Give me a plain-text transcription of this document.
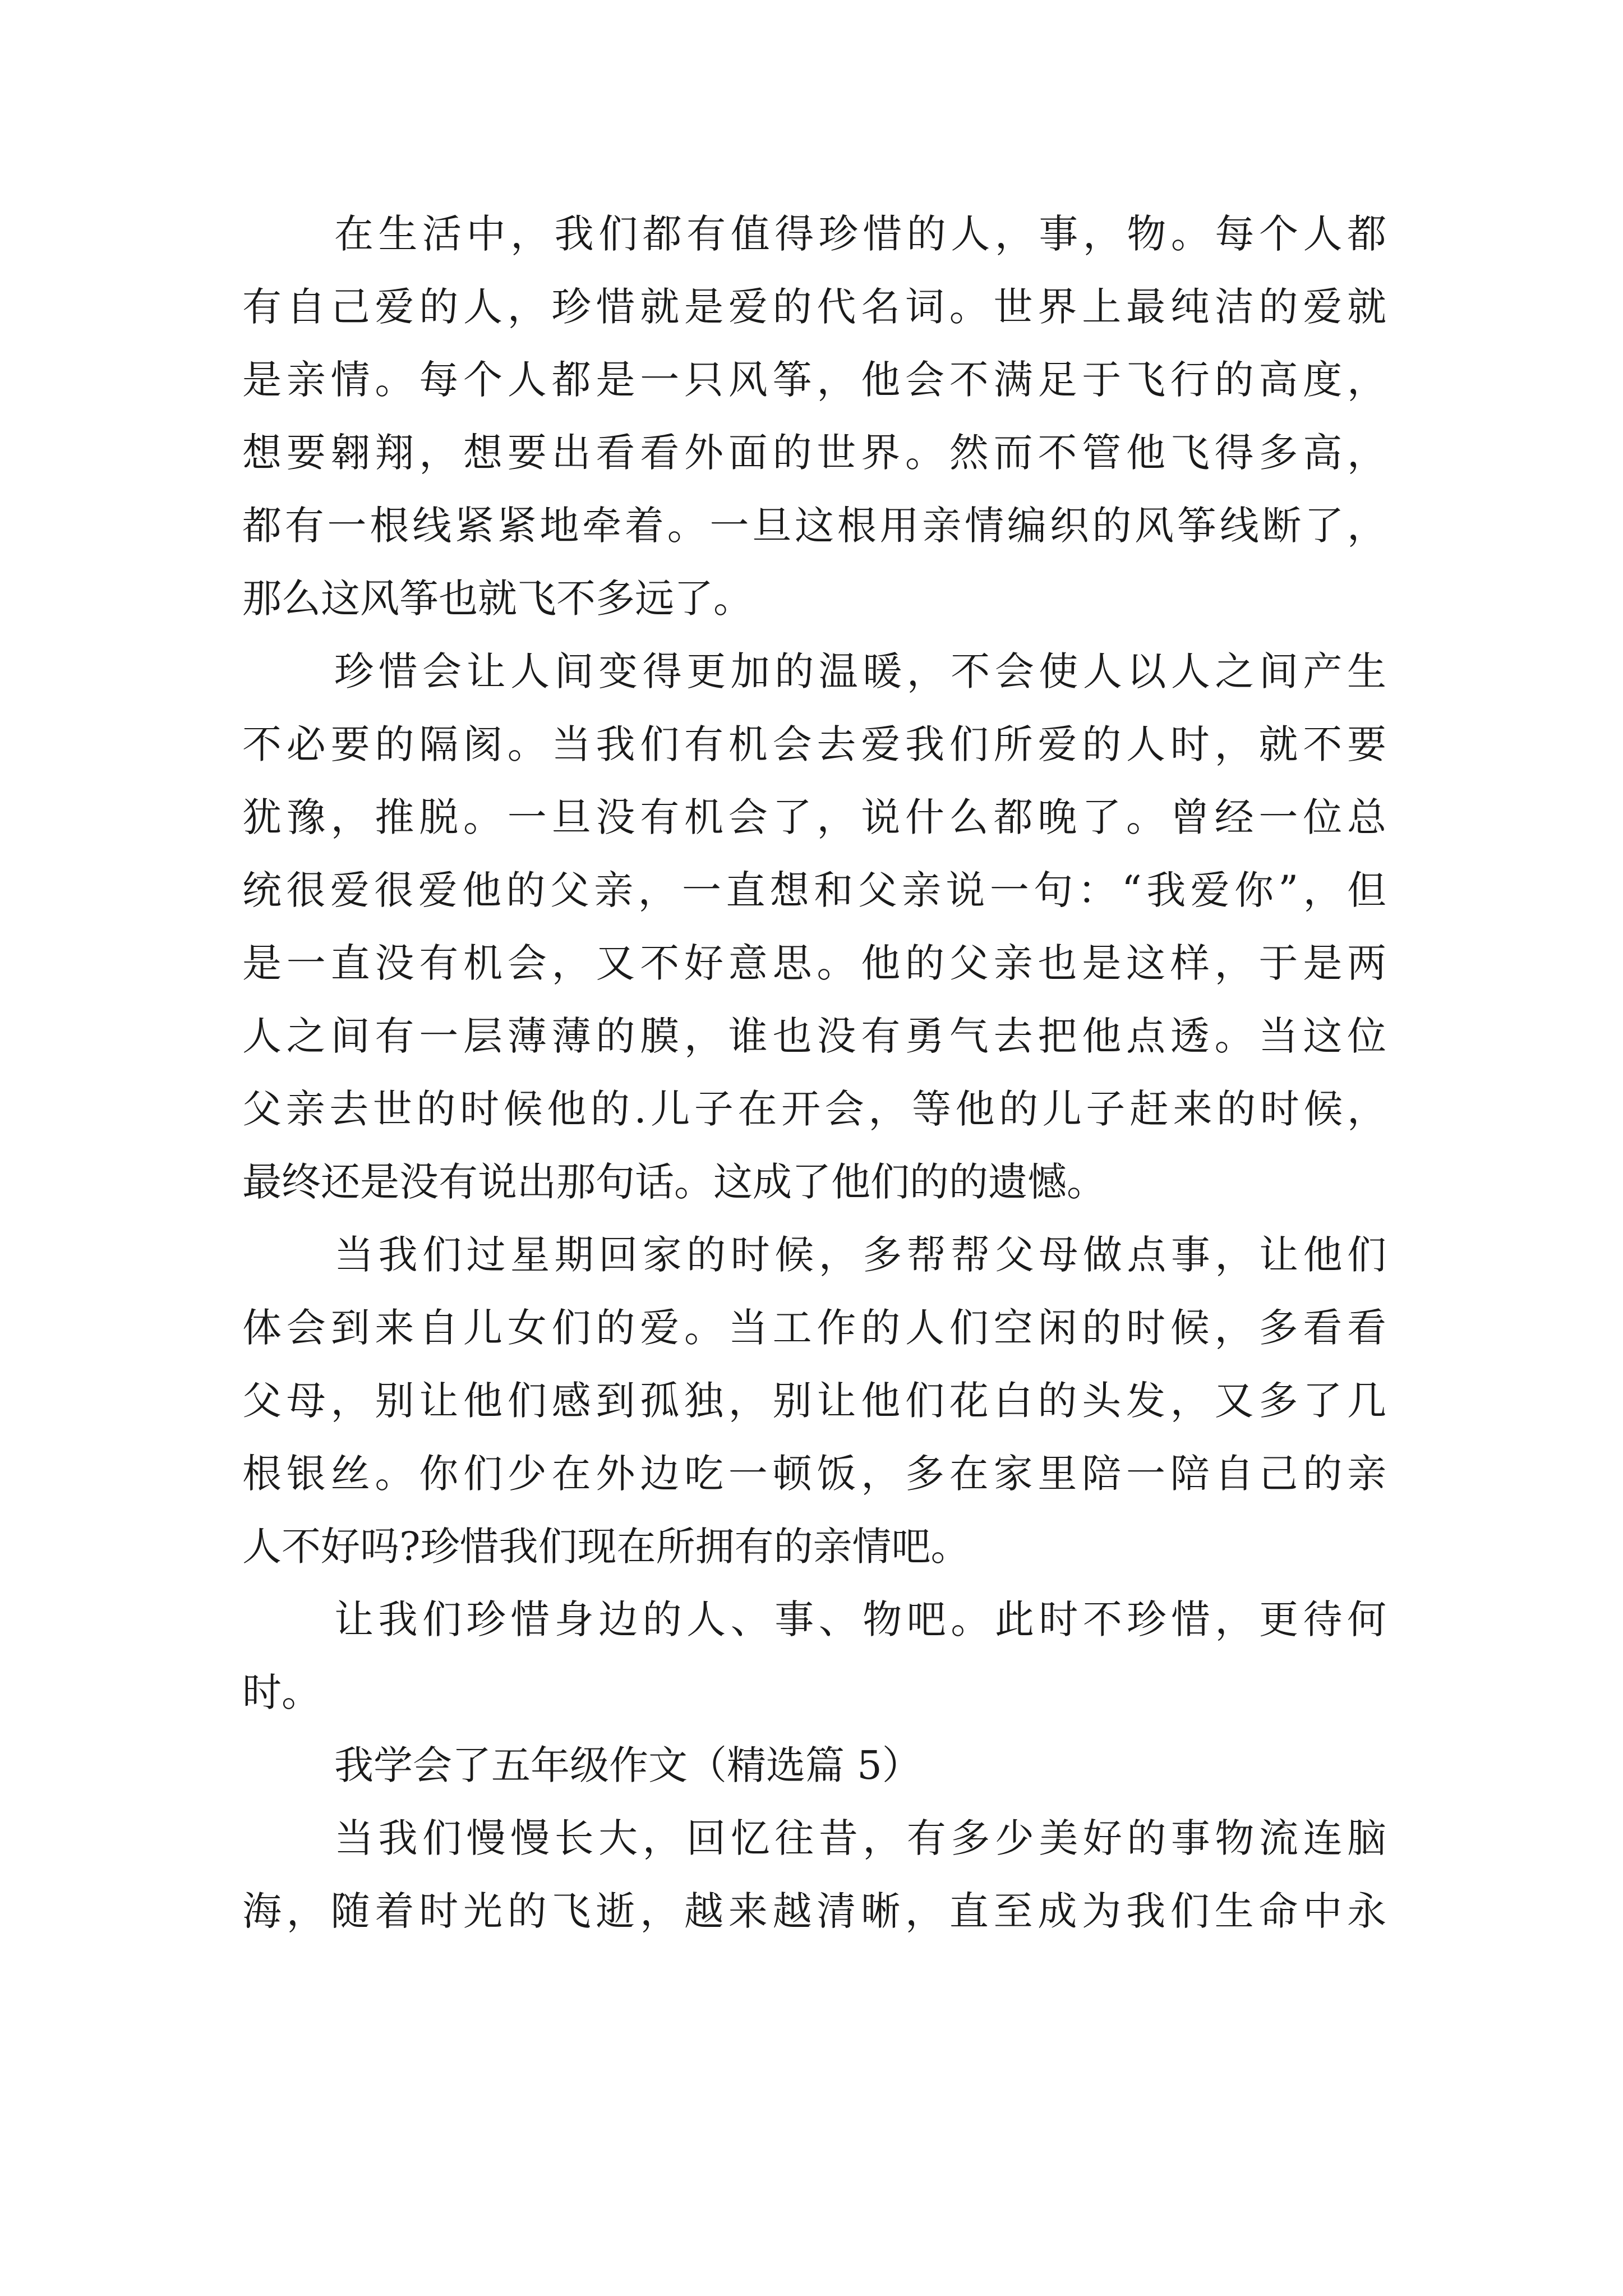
在生活中，我们都有值得珍惜的人，事，物。每个人都
有自己爱的人，珍惜就是爱的代名词。世界上最纯洁的爱就
是亲情。每个人都是一只风筝，他会不满足于飞行的高度，
想要翱翔，想要出看看外面的世界。然而不管他飞得多高，
都有一根线紧紧地牵着。一旦这根用亲情编织的风筝线断了，
那么这风筝也就飞不多远了。
珍惜会让人间变得更加的温暖，不会使人以人之间产生
不必要的隔阂。当我们有机会去爱我们所爱的人时，就不要
犹豫，推脱。一旦没有机会了，说什么都晚了。曾经一位总
统很爱很爱他的父亲，一直想和父亲说一句：“我爱你”，但
是一直没有机会，又不好意思。他的父亲也是这样，于是两
人之间有一层薄薄的膜，谁也没有勇气去把他点透。当这位
父亲去世的时候他的.儿子在开会，等他的儿子赶来的时候，
最终还是没有说出那句话。这成了他们的的遗憾。
当我们过星期回家的时候，多帮帮父母做点事，让他们
体会到来自儿女们的爱。当工作的人们空闲的时候，多看看
父母，别让他们感到孤独，别让他们花白的头发，又多了几
根银丝。你们少在外边吃一顿饭，多在家里陪一陪自己的亲
人不好吗?珍惜我们现在所拥有的亲情吧。
让我们珍惜身边的人、事、物吧。此时不珍惜，更待何
时。
我学会了五年级作文（精选篇 5）
当我们慢慢长大，回忆往昔，有多少美好的事物流连脑
海，随着时光的飞逝，越来越清晰，直至成为我们生命中永
